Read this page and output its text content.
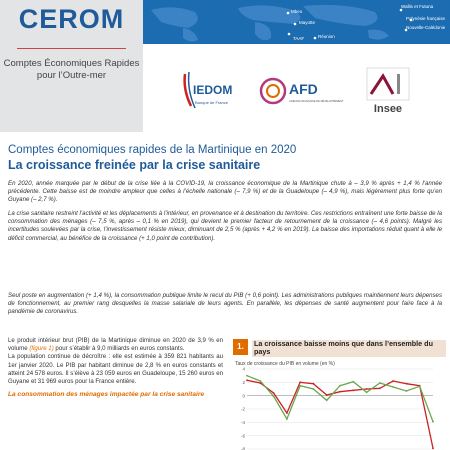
CEROM
Comptes Économiques Rapides pour l’Outre-mer
Wallis et Futuna
Polynésie française
Nouvelle-Calédonie
Réunion
Mayotte
Mbeo
TAAF
IEDOM
Banque de France
AFD
AGENCE FRANÇAISE DE DÉVELOPPEMENT
Insee
Comptes économiques rapides de la Martinique en 2020
La croissance freinée par la crise sanitaire

En 2020, année marquée par le début de la crise liée à la COVID-19, la croissance économique de la Martinique chute à – 3,9 % après + 1,4 % l’année précédente. Cette baisse est de moindre ampleur que celles à l’échelle nationale (– 7,9 %) et de la Guadeloupe (– 4,9 %), mais légèrement plus forte qu’en Guyane (– 2,7 %).

La crise sanitaire restreint l’activité et les déplacements à l’intérieur, en provenance et à destination du territoire. Ces restrictions entraînent une forte baisse de la consommation des ménages (– 7,5 %, après – 0,1 % en 2019), qui devient le premier facteur de retournement de la croissance (– 4,6 points). Malgré les incertitudes soulevées par la crise, l’investissement résiste mieux, diminuant de 2,5 % (après + 4,2 % en 2019). La baisse des importations réduit quant à elle le déficit commercial, au bénéfice de la croissance (+ 1,0 point de contribution).

Seul poste en augmentation (+ 1,4 %), la consommation publique limite le recul du PIB (+ 0,6 point). Les administrations publiques maintiennent leurs dépenses de fonctionnement, au premier rang desquelles la masse salariale de leurs agents. En parallèle, les dépenses de santé augmentent pour faire face à la pandémie de coronavirus.

Le produit intérieur brut (PIB) de la Martinique diminue en 2020 de 3,9 % en volume (figure 1) pour s’établir à 9,0 milliards en euros constants.

La population continue de décroître : elle est estimée à 359 821 habitants au 1er janvier 2020. Le PIB par habitant diminue de 2,8 % en euros constants et atteint 24 578 euros. Il s’élève à 23 059 euros en Guadeloupe, 15 260 euros en Guyane et 31 969 euros pour la France entière.

La consommation des ménages impactée par la crise sanitaire
1.	La croissance baisse moins que dans l’ensemble du pays
Taux de croissance du PIB en volume (en %)
-8
-6
-4
-2
0
2
4
